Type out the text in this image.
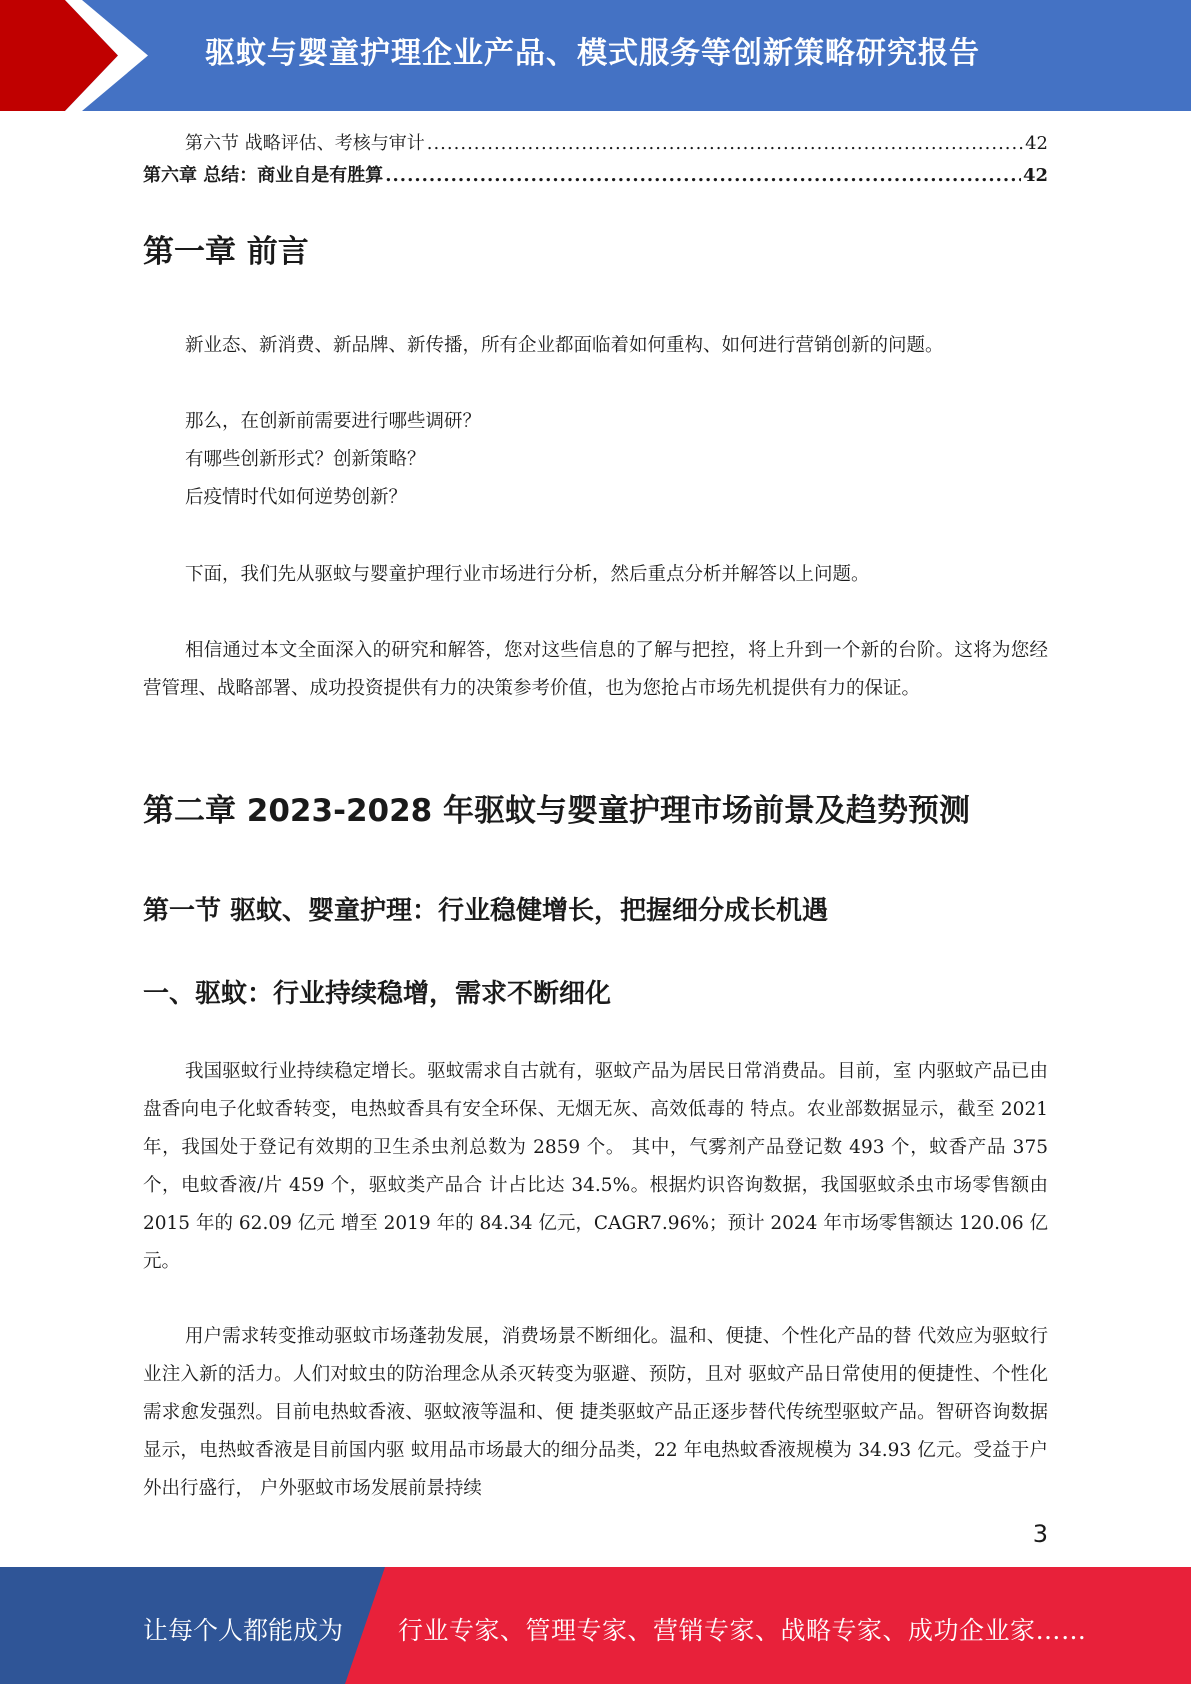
驱蚊与婴童护理企业产品、模式服务等创新策略研究报告
第六节 战略评估、考核与审计 .....	42
第六章 总结：商业自是有胜算 .....	42
第一章 前言

新业态、新消费、新品牌、新传播，所有企业都面临着如何重构、如何进行营销创新的问题。

那么，在创新前需要进行哪些调研？
有哪些创新形式？创新策略？
后疫情时代如何逆势创新？

下面，我们先从驱蚊与婴童护理行业市场进行分析，然后重点分析并解答以上问题。

相信通过本文全面深入的研究和解答，您对这些信息的了解与把控，将上升到一个新的台阶。这将为您经营管理、战略部署、成功投资提供有力的决策参考价值，也为您抢占市场先机提供有力的保证。

第二章 2023-2028 年驱蚊与婴童护理市场前景及趋势预测
第一节 驱蚊、婴童护理：行业稳健增长，把握细分成长机遇
一、驱蚊：行业持续稳增，需求不断细化

我国驱蚊行业持续稳定增长。驱蚊需求自古就有，驱蚊产品为居民日常消费品。目前，室 内驱蚊产品已由盘香向电子化蚊香转变，电热蚊香具有安全环保、无烟无灰、高效低毒的 特点。农业部数据显示，截至 2021 年，我国处于登记有效期的卫生杀虫剂总数为 2859 个。 其中，气雾剂产品登记数 493 个，蚊香产品 375 个，电蚊香液/片 459 个，驱蚊类产品合 计占比达 34.5%。根据灼识咨询数据，我国驱蚊杀虫市场零售额由 2015 年的 62.09 亿元 增至 2019 年的 84.34 亿元，CAGR7.96%；预计 2024 年市场零售额达 120.06 亿元。

用户需求转变推动驱蚊市场蓬勃发展，消费场景不断细化。温和、便捷、个性化产品的替 代效应为驱蚊行业注入新的活力。人们对蚊虫的防治理念从杀灭转变为驱避、预防，且对 驱蚊产品日常使用的便捷性、个性化需求愈发强烈。目前电热蚊香液、驱蚊液等温和、便 捷类驱蚊产品正逐步替代传统型驱蚊产品。智研咨询数据显示，电热蚊香液是目前国内驱 蚊用品市场最大的细分品类，22 年电热蚊香液规模为 34.93 亿元。受益于户外出行盛行， 户外驱蚊市场发展前景持续

3
让每个人都能成为 行业专家、管理专家、营销专家、战略专家、成功企业家……
